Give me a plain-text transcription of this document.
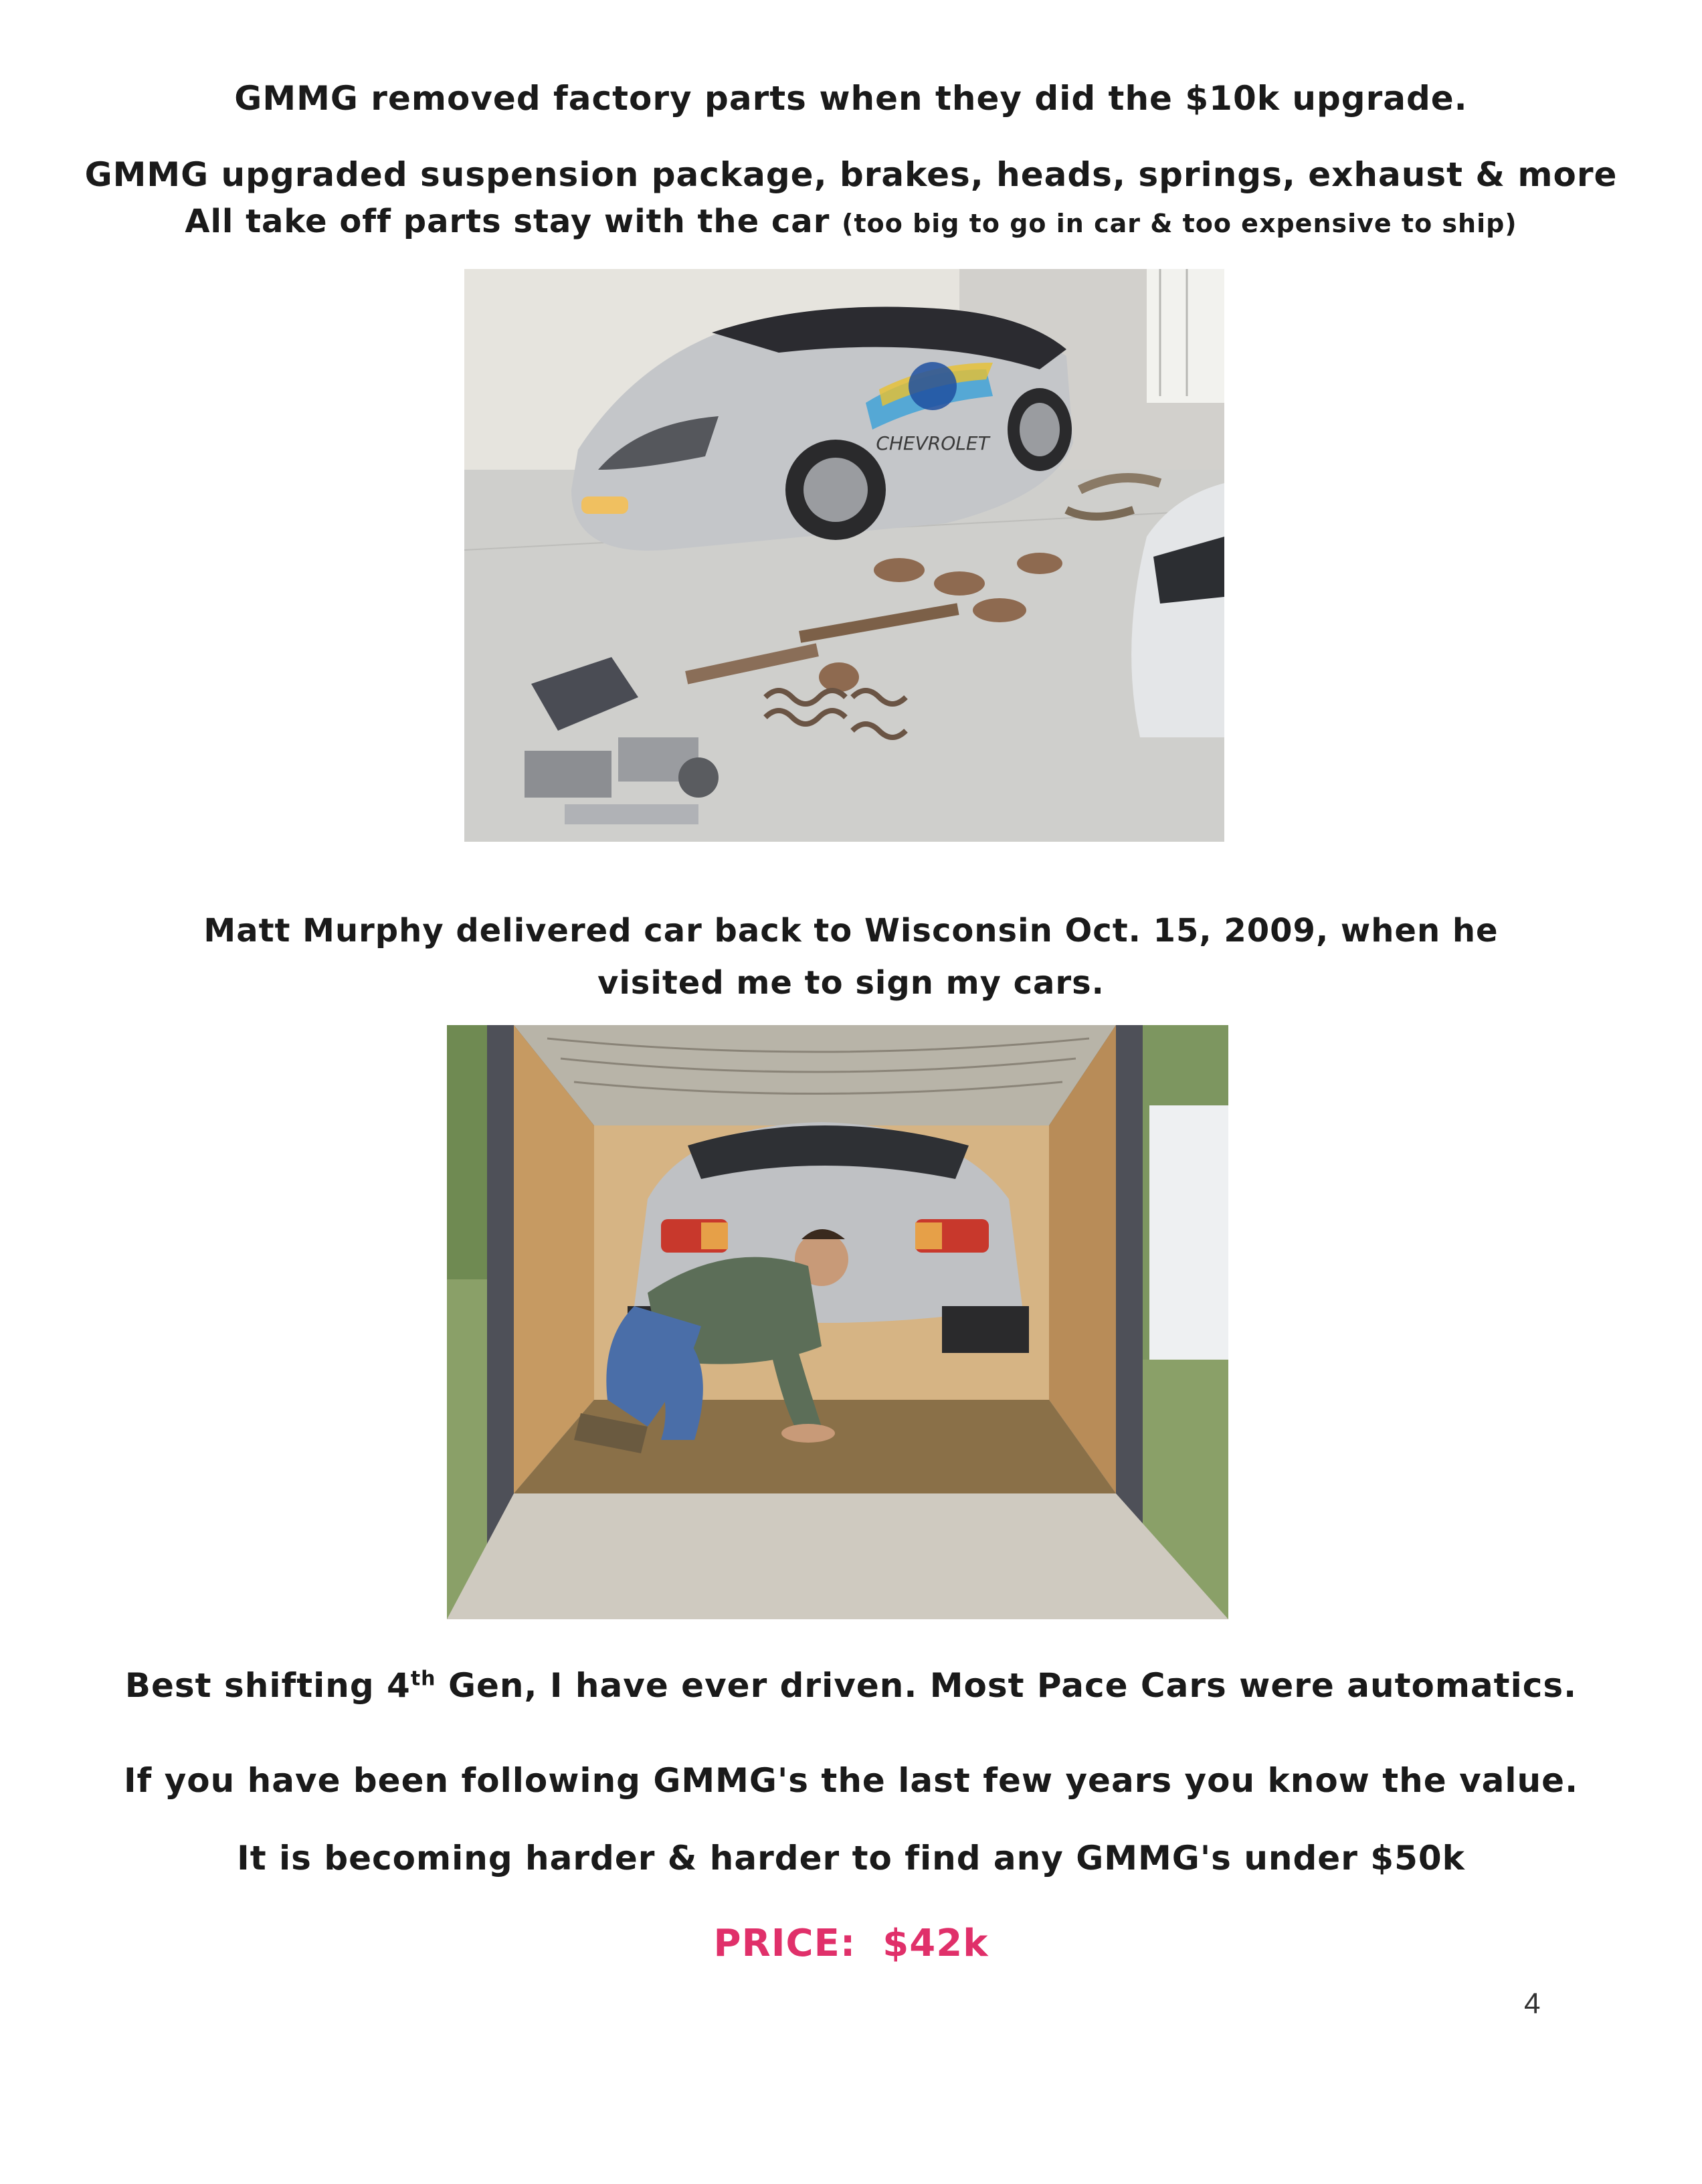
GMMG removed factory parts when they did the $10k upgrade.
GMMG upgraded suspension package, brakes, heads, springs, exhaust & more
All take off parts stay with the car (too big to go in car & too expensive to ship)
CHEVROLET
Matt Murphy delivered car back to Wisconsin Oct. 15, 2009, when he visited me to sign my cars.
Best shifting 4th Gen, I have ever driven. Most Pace Cars were automatics.
If you have been following GMMG's the last few years you know the value.
It is becoming harder & harder to find any GMMG's under $50k
PRICE: $42k
4
